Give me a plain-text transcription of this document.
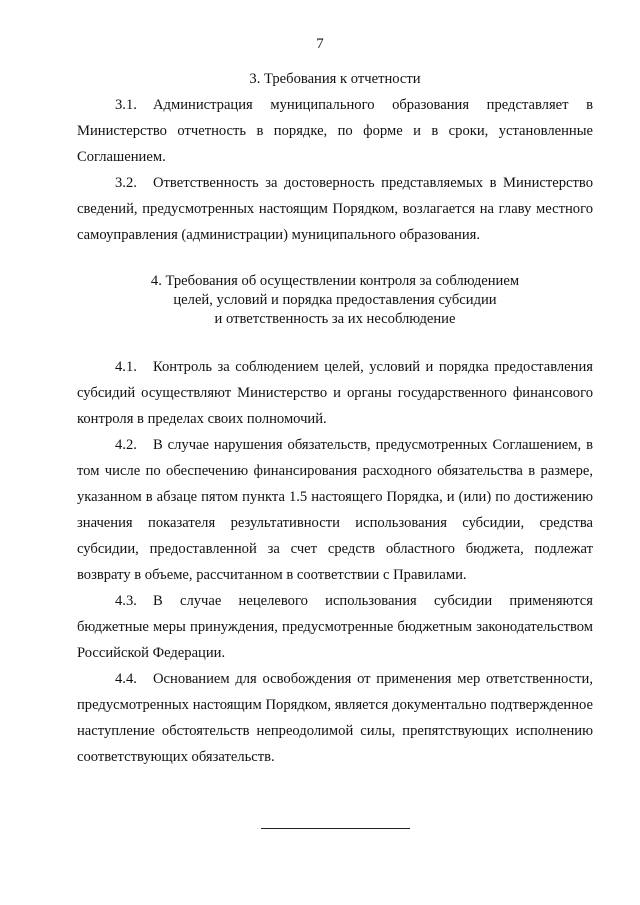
7
3. Требования к отчетности

3.1. Администрация муниципального образования представляет в Министерство отчетность в порядке, по форме и в сроки, установленные Соглашением.

3.2. Ответственность за достоверность представляемых в Министерство сведений, предусмотренных настоящим Порядком, возлагается на главу местного самоуправления (администрации) муниципального образования.

4. Требования об осуществлении контроля за соблюдением
целей, условий и порядка предоставления субсидии
и ответственность за их несоблюдение

4.1. Контроль за соблюдением целей, условий и порядка предоставления субсидий осуществляют Министерство и органы государственного финансового контроля в пределах своих полномочий.

4.2. В случае нарушения обязательств, предусмотренных Соглашением, в том числе по обеспечению финансирования расходного обязательства в размере, указанном в абзаце пятом пункта 1.5 настоящего Порядка, и (или) по достижению значения показателя результативности использования субсидии, средства субсидии, предоставленной за счет средств областного бюджета, подлежат возврату в объеме, рассчитанном в соответствии с Правилами.

4.3. В случае нецелевого использования субсидии применяются бюджетные меры принуждения, предусмотренные бюджетным законодательством Российской Федерации.

4.4. Основанием для освобождения от применения мер ответственности, предусмотренных настоящим Порядком, является документально подтвержденное наступление обстоятельств непреодолимой силы, препятствующих исполнению соответствующих обязательств.
